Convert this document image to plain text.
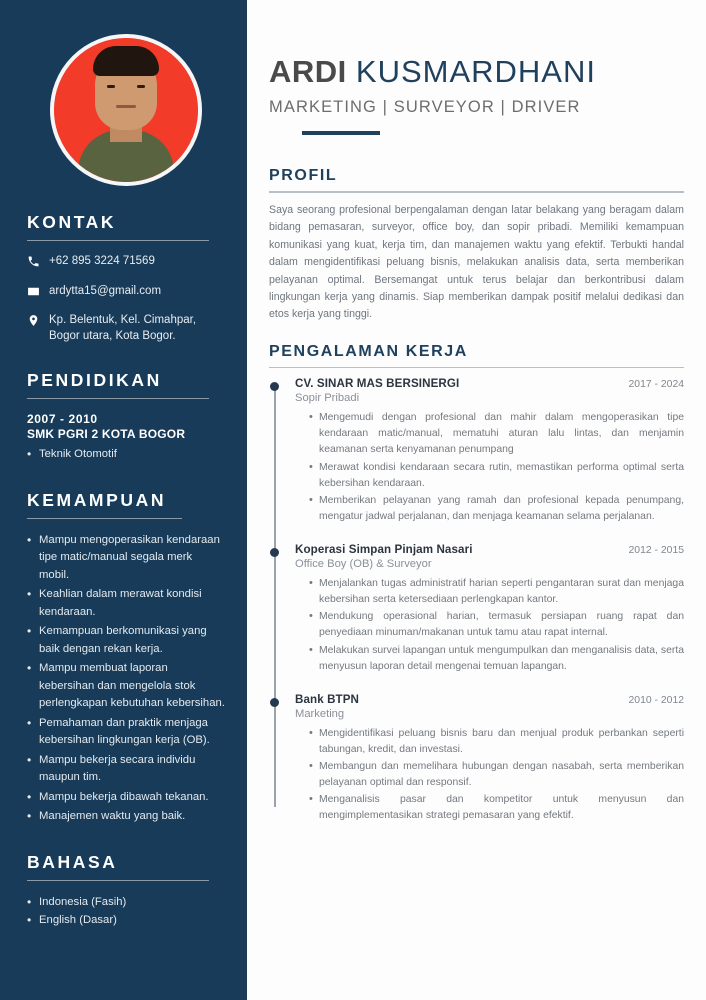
KONTAK
+62 895 3224 71569
ardytta15@gmail.com
Kp. Belentuk, Kel. Cimahpar, Bogor utara, Kota Bogor.
PENDIDIKAN
2007 - 2010
SMK PGRI 2 KOTA BOGOR
• Teknik Otomotif
KEMAMPUAN
• Mampu mengoperasikan kendaraan tipe matic/manual segala merk mobil.
• Keahlian dalam merawat kondisi kendaraan.
• Kemampuan berkomunikasi yang baik dengan rekan kerja.
• Mampu membuat laporan kebersihan dan mengelola stok perlengkapan kebutuhan kebersihan.
• Pemahaman dan praktik menjaga kebersihan lingkungan kerja (OB).
• Mampu bekerja secara individu maupun tim.
• Mampu bekerja dibawah tekanan.
• Manajemen waktu yang baik.
BAHASA
• Indonesia (Fasih)
• English (Dasar)
ARDI KUSMARDHANI
MARKETING | SURVEYOR | DRIVER
PROFIL

Saya seorang profesional berpengalaman dengan latar belakang yang beragam dalam bidang pemasaran, surveyor, office boy, dan sopir pribadi. Memiliki kemampuan komunikasi yang kuat, kerja tim, dan manajemen waktu yang efektif. Terbukti handal dalam mengidentifikasi peluang bisnis, melakukan analisis data, serta memberikan pelayanan optimal. Bersemangat untuk terus belajar dan berkontribusi dalam lingkungan kerja yang dinamis. Siap memberikan dampak positif melalui dedikasi dan etos kerja yang tinggi.

PENGALAMAN KERJA
CV. SINAR MAS BERSINERGI	2017 - 2024
Sopir Pribadi
• Mengemudi dengan profesional dan mahir dalam mengoperasikan tipe kendaraan matic/manual, mematuhi aturan lalu lintas, dan menjamin keamanan serta kenyamanan penumpang
• Merawat kondisi kendaraan secara rutin, memastikan performa optimal serta kebersihan kendaraan.
• Memberikan pelayanan yang ramah dan profesional kepada penumpang, mengatur jadwal perjalanan, dan menjaga keamanan selama perjalanan.
Koperasi Simpan Pinjam Nasari	2012 - 2015
Office Boy (OB) & Surveyor
• Menjalankan tugas administratif harian seperti pengantaran surat dan menjaga kebersihan serta ketersediaan perlengkapan kantor.
• Mendukung operasional harian, termasuk persiapan ruang rapat dan penyediaan minuman/makanan untuk tamu atau rapat internal.
• Melakukan survei lapangan untuk mengumpulkan dan menganalisis data, serta menyusun laporan detail mengenai temuan lapangan.
Bank BTPN	2010 - 2012
Marketing
• Mengidentifikasi peluang bisnis baru dan menjual produk perbankan seperti tabungan, kredit, dan investasi.
• Membangun dan memelihara hubungan dengan nasabah, serta memberikan pelayanan optimal dan responsif.
• Menganalisis pasar dan kompetitor untuk menyusun dan mengimplementasikan strategi pemasaran yang efektif.
